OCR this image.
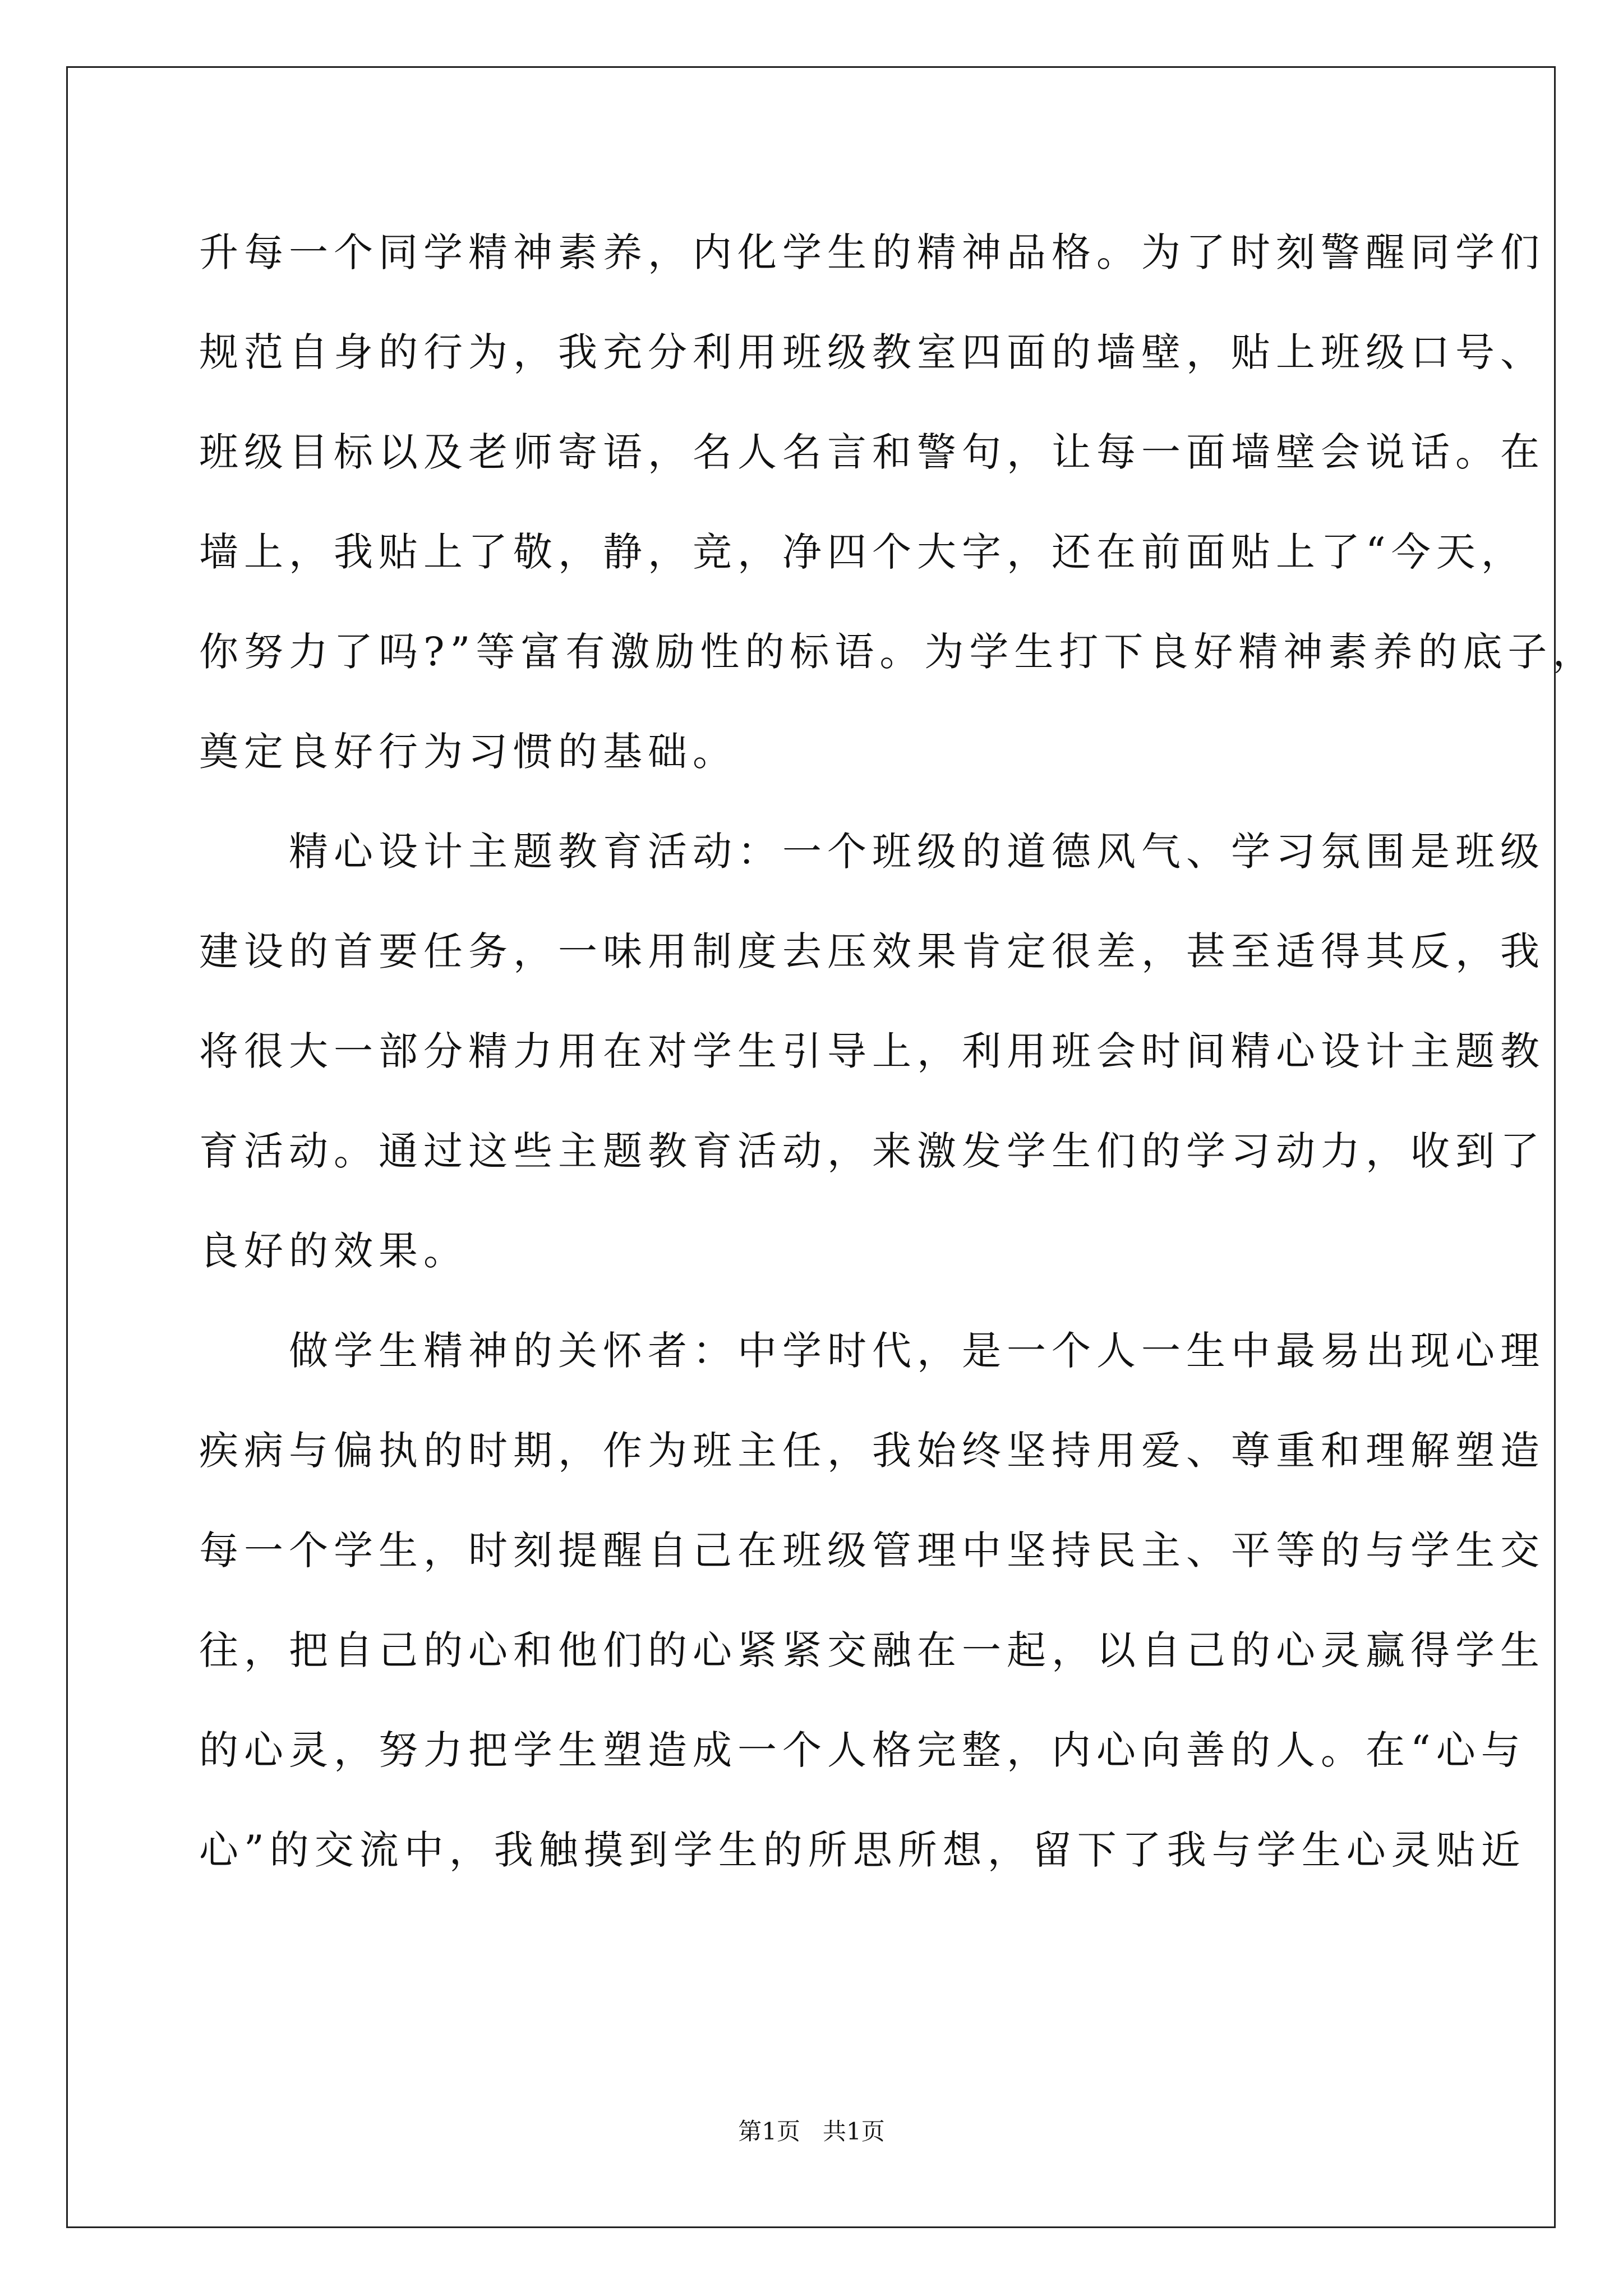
升每一个同学精神素养，内化学生的精神品格。为了时刻警醒同学们
规范自身的行为，我充分利用班级教室四面的墙壁，贴上班级口号、
班级目标以及老师寄语，名人名言和警句，让每一面墙壁会说话。在
墙上，我贴上了敬，静，竞，净四个大字，还在前面贴上了“今天，
你努力了吗?”等富有激励性的标语。为学生打下良好精神素养的底子，
奠定良好行为习惯的基础。
　　精心设计主题教育活动：一个班级的道德风气、学习氛围是班级
建设的首要任务，一味用制度去压效果肯定很差，甚至适得其反，我
将很大一部分精力用在对学生引导上，利用班会时间精心设计主题教
育活动。通过这些主题教育活动，来激发学生们的学习动力，收到了
良好的效果。
　　做学生精神的关怀者：中学时代，是一个人一生中最易出现心理
疾病与偏执的时期，作为班主任，我始终坚持用爱、尊重和理解塑造
每一个学生，时刻提醒自己在班级管理中坚持民主、平等的与学生交
往，把自己的心和他们的心紧紧交融在一起，以自己的心灵赢得学生
的心灵，努力把学生塑造成一个人格完整，内心向善的人。在“心与
心”的交流中，我触摸到学生的所思所想，留下了我与学生心灵贴近
第1页 共1页
